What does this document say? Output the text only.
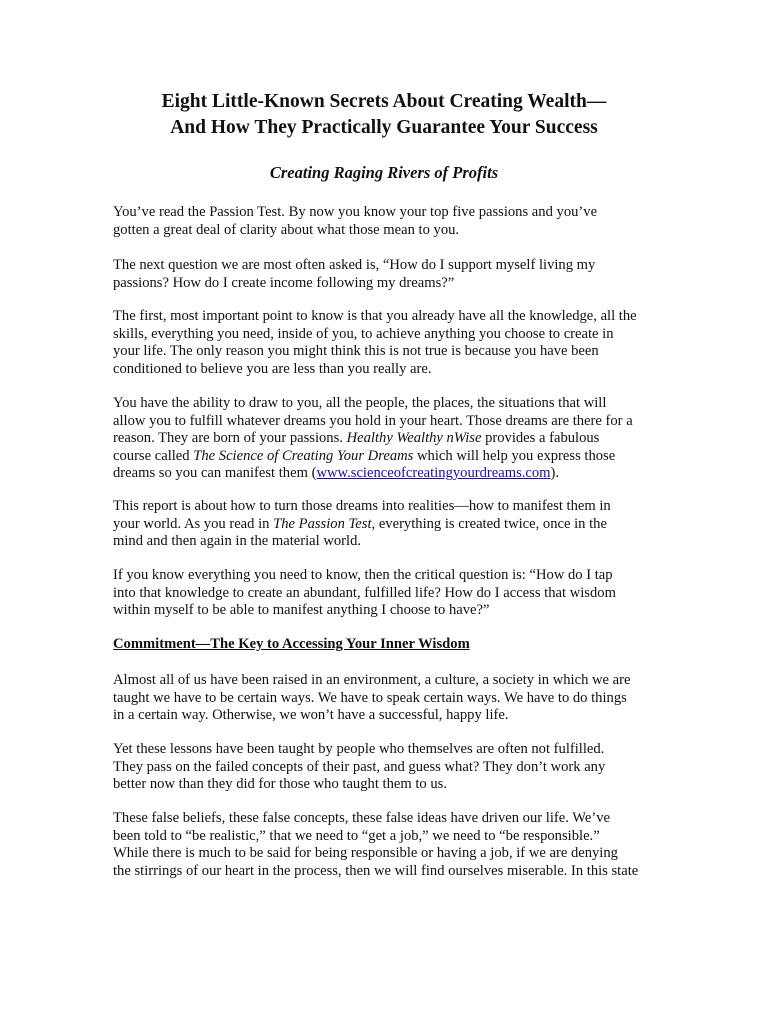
Eight Little-Known Secrets About Creating Wealth—
And How They Practically Guarantee Your Success
Creating Raging Rivers of Profits

You’ve read the Passion Test. By now you know your top five passions and you’ve
gotten a great deal of clarity about what those mean to you.

The next question we are most often asked is, “How do I support myself living my
passions? How do I create income following my dreams?”

The first, most important point to know is that you already have all the knowledge, all the
skills, everything you need, inside of you, to achieve anything you choose to create in
your life. The only reason you might think this is not true is because you have been
conditioned to believe you are less than you really are.

You have the ability to draw to you, all the people, the places, the situations that will
allow you to fulfill whatever dreams you hold in your heart. Those dreams are there for a
reason. They are born of your passions. Healthy Wealthy nWise provides a fabulous
course called The Science of Creating Your Dreams which will help you express those
dreams so you can manifest them (www.scienceofcreatingyourdreams.com).

This report is about how to turn those dreams into realities—how to manifest them in
your world. As you read in The Passion Test, everything is created twice, once in the
mind and then again in the material world.

If you know everything you need to know, then the critical question is: “How do I tap
into that knowledge to create an abundant, fulfilled life? How do I access that wisdom
within myself to be able to manifest anything I choose to have?”

Commitment—The Key to Accessing Your Inner Wisdom

Almost all of us have been raised in an environment, a culture, a society in which we are
taught we have to be certain ways. We have to speak certain ways. We have to do things
in a certain way. Otherwise, we won’t have a successful, happy life.

Yet these lessons have been taught by people who themselves are often not fulfilled.
They pass on the failed concepts of their past, and guess what? They don’t work any
better now than they did for those who taught them to us.

These false beliefs, these false concepts, these false ideas have driven our life. We’ve
been told to “be realistic,” that we need to “get a job,” we need to “be responsible.”
While there is much to be said for being responsible or having a job, if we are denying
the stirrings of our heart in the process, then we will find ourselves miserable. In this state
